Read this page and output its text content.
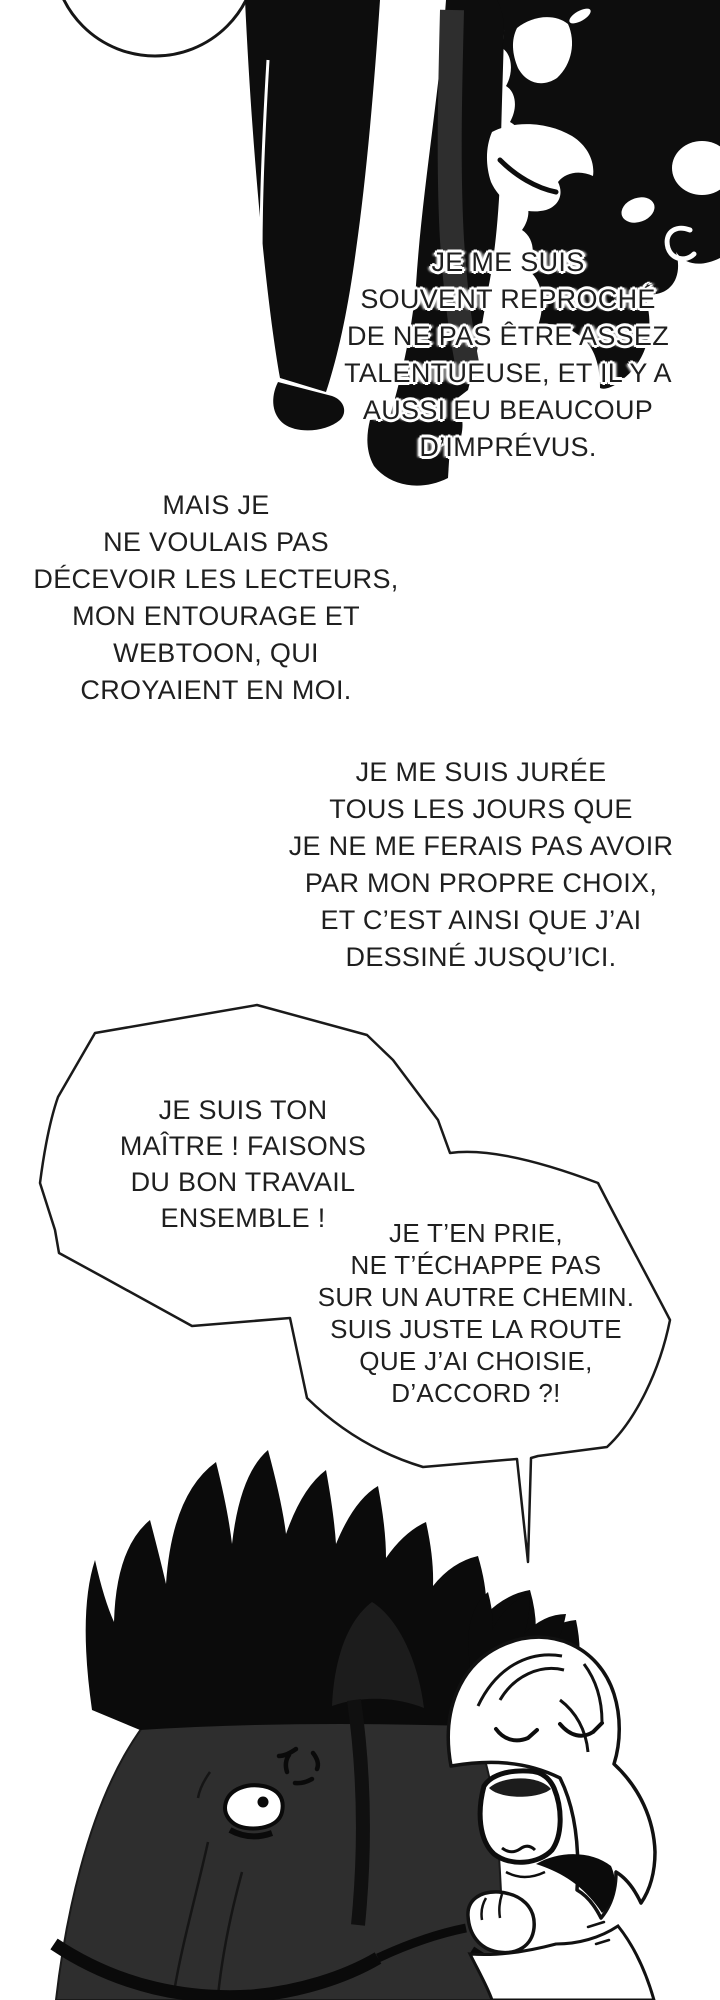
JE ME SUIS
SOUVENT REPROCHÉ
DE NE PAS ÊTRE ASSEZ
TALENTUEUSE, ET IL Y A
AUSSI EU BEAUCOUP
D’IMPRÉVUS.
MAIS JE
NE VOULAIS PAS
DÉCEVOIR LES LECTEURS,
MON ENTOURAGE ET
WEBTOON, QUI
CROYAIENT EN MOI.
JE ME SUIS JURÉE
TOUS LES JOURS QUE
JE NE ME FERAIS PAS AVOIR
PAR MON PROPRE CHOIX,
ET C’EST AINSI QUE J’AI
DESSINÉ JUSQU’ICI.
JE SUIS TON
MAÎTRE ! FAISONS
DU BON TRAVAIL
ENSEMBLE !	JE T’EN PRIE,
NE T’ÉCHAPPE PAS
SUR UN AUTRE CHEMIN.
SUIS JUSTE LA ROUTE
QUE J’AI CHOISIE,
D’ACCORD ?!
